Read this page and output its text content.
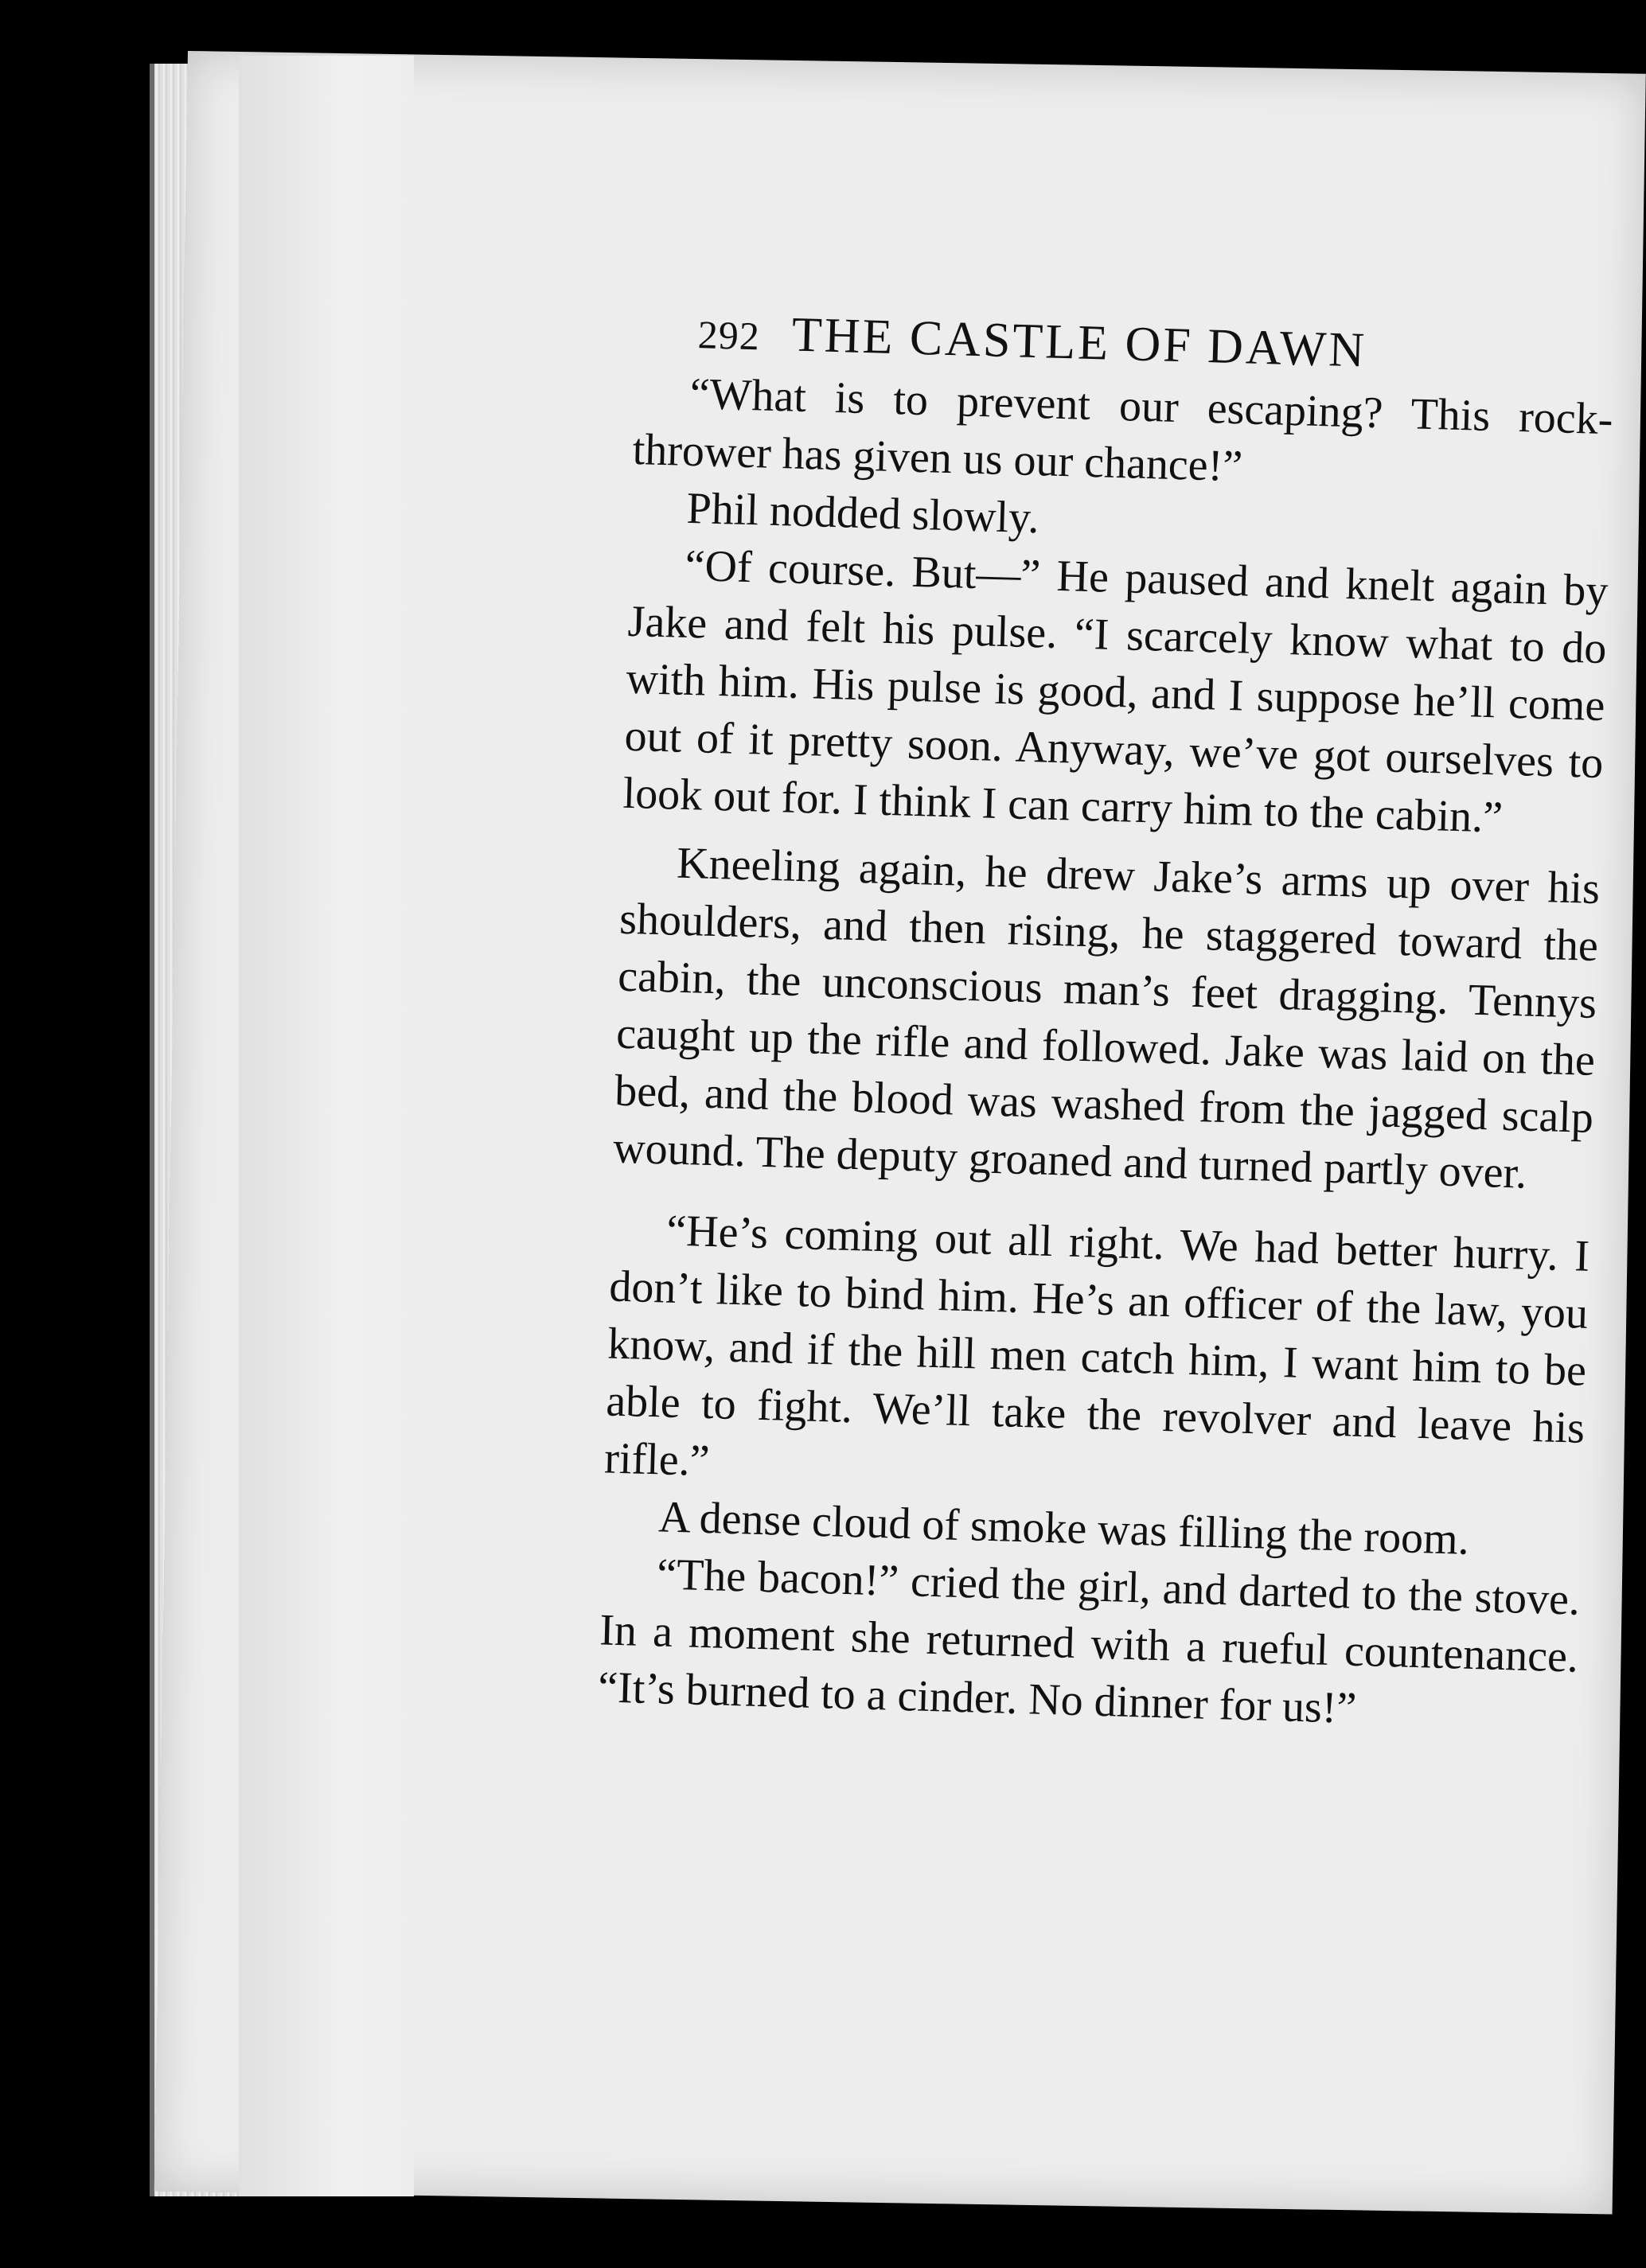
292 THE CASTLE OF DAWN

“What is to prevent our escaping? This rock-thrower has given us our chance!”

Phil nodded slowly.

“Of course. But—” He paused and knelt again by Jake and felt his pulse. “I scarcely know what to do with him. His pulse is good, and I suppose he’ll come out of it pretty soon. Anyway, we’ve got ourselves to look out for. I think I can carry him to the cabin.”

Kneeling again, he drew Jake’s arms up over his shoulders, and then rising, he staggered toward the cabin, the unconscious man’s feet dragging. Tennys caught up the rifle and followed. Jake was laid on the bed, and the blood was washed from the jagged scalp wound. The deputy groaned and turned partly over.

“He’s coming out all right. We had better hurry. I don’t like to bind him. He’s an officer of the law, you know, and if the hill men catch him, I want him to be able to fight. We’ll take the revolver and leave his rifle.”

A dense cloud of smoke was filling the room.

“The bacon!” cried the girl, and darted to the stove. In a moment she returned with a rueful countenance. “It’s burned to a cinder. No dinner for us!”
